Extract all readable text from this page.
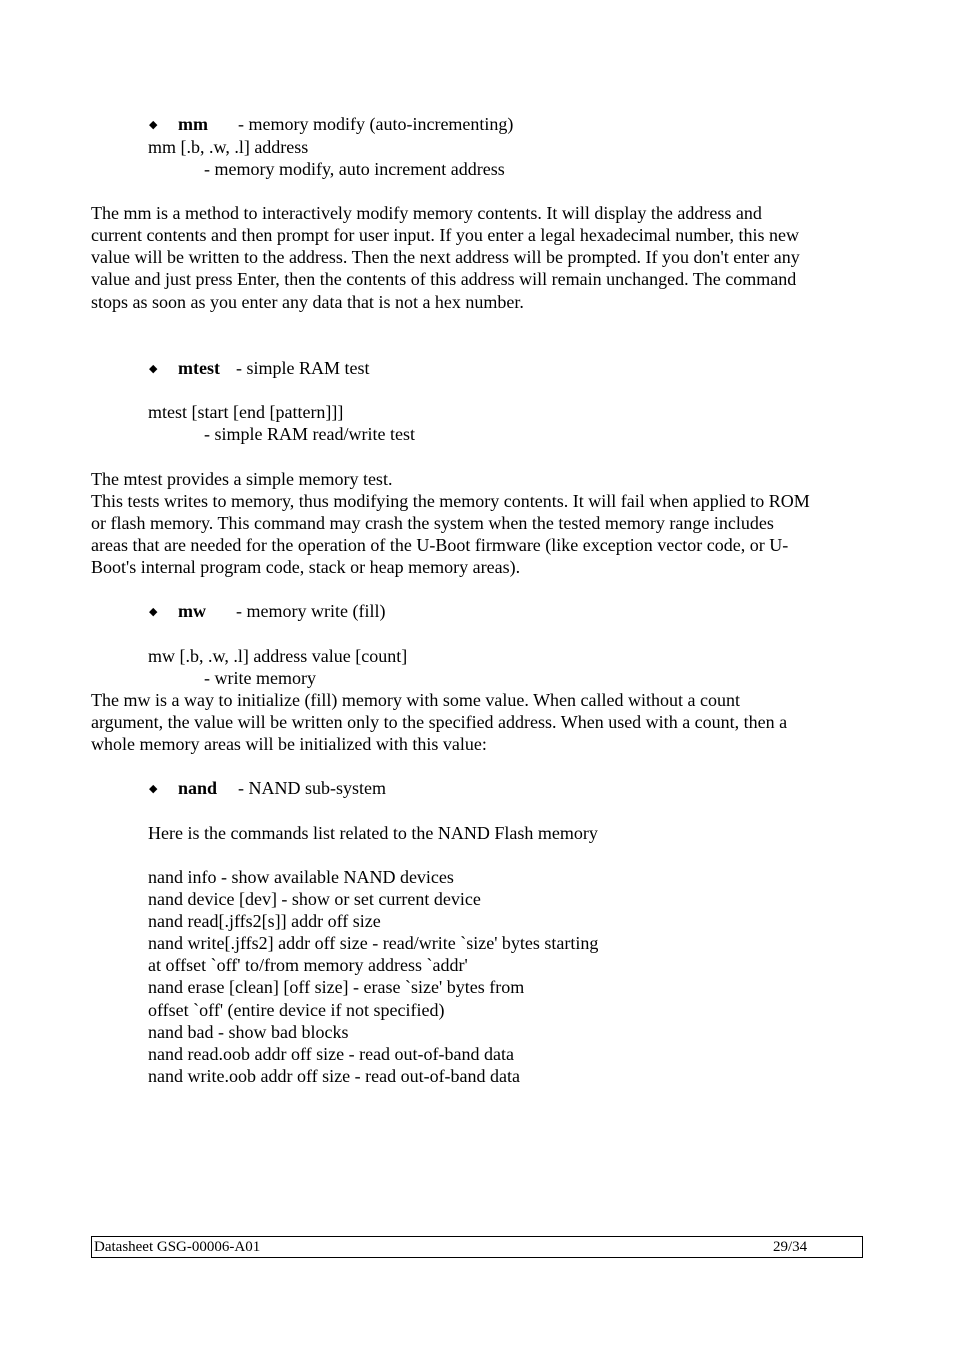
◆ mm - memory modify (auto-incrementing)
mm [.b, .w, .l] address
- memory modify, auto increment address
The mm is a method to interactively modify memory contents. It will display the address and
current contents and then prompt for user input. If you enter a legal hexadecimal number, this new
value will be written to the address. Then the next address will be prompted. If you don't enter any
value and just press Enter, then the contents of this address will remain unchanged. The command
stops as soon as you enter any data that is not a hex number.
◆ mtest - simple RAM test
mtest [start [end [pattern]]]
- simple RAM read/write test
The mtest provides a simple memory test.
This tests writes to memory, thus modifying the memory contents. It will fail when applied to ROM
or flash memory. This command may crash the system when the tested memory range includes
areas that are needed for the operation of the U-Boot firmware (like exception vector code, or U-
Boot's internal program code, stack or heap memory areas).
◆ mw - memory write (fill)
mw [.b, .w, .l] address value [count]
- write memory
The mw is a way to initialize (fill) memory with some value. When called without a count
argument, the value will be written only to the specified address. When used with a count, then a
whole memory areas will be initialized with this value:
◆ nand - NAND sub-system
Here is the commands list related to the NAND Flash memory
nand info - show available NAND devices
nand device [dev] - show or set current device
nand read[.jffs2[s]] addr off size
nand write[.jffs2] addr off size - read/write `size' bytes starting
at offset `off' to/from memory address `addr'
nand erase [clean] [off size] - erase `size' bytes from
offset `off' (entire device if not specified)
nand bad - show bad blocks
nand read.oob addr off size - read out-of-band data
nand write.oob addr off size - read out-of-band data
Datasheet GSG-00006-A01	29/34
